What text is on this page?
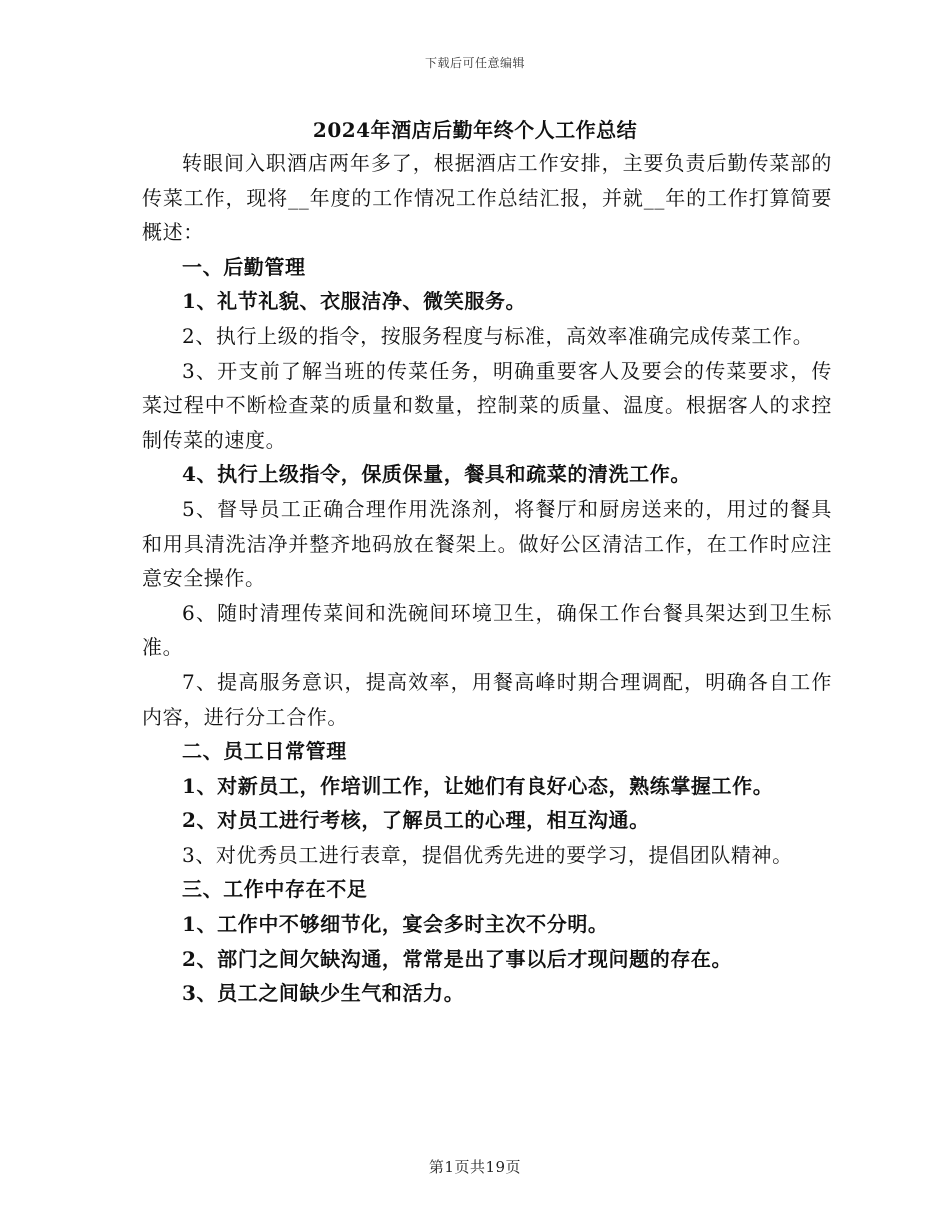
下载后可任意编辑
2024年酒店后勤年终个人工作总结

转眼间入职酒店两年多了，根据酒店工作安排，主要负责后勤传菜部的传菜工作，现将__年度的工作情况工作总结汇报，并就__年的工作打算简要概述：

一、后勤管理

1、礼节礼貌、衣服洁净、微笑服务。

2、执行上级的指令，按服务程度与标准，高效率准确完成传菜工作。

3、开支前了解当班的传菜任务，明确重要客人及要会的传菜要求，传菜过程中不断检查菜的质量和数量，控制菜的质量、温度。根据客人的求控制传菜的速度。

4、执行上级指令，保质保量，餐具和疏菜的清洗工作。

5、督导员工正确合理作用洗涤剂，将餐厅和厨房送来的，用过的餐具和用具清洗洁净并整齐地码放在餐架上。做好公区清洁工作，在工作时应注意安全操作。

6、随时清理传菜间和洗碗间环境卫生，确保工作台餐具架达到卫生标准。

7、提高服务意识，提高效率，用餐高峰时期合理调配，明确各自工作内容，进行分工合作。

二、员工日常管理

1、对新员工，作培训工作，让她们有良好心态，熟练掌握工作。

2、对员工进行考核，了解员工的心理，相互沟通。

3、对优秀员工进行表章，提倡优秀先进的要学习，提倡团队精神。

三、工作中存在不足

1、工作中不够细节化，宴会多时主次不分明。

2、部门之间欠缺沟通，常常是出了事以后才现问题的存在。

3、员工之间缺少生气和活力。

第1页共19页
